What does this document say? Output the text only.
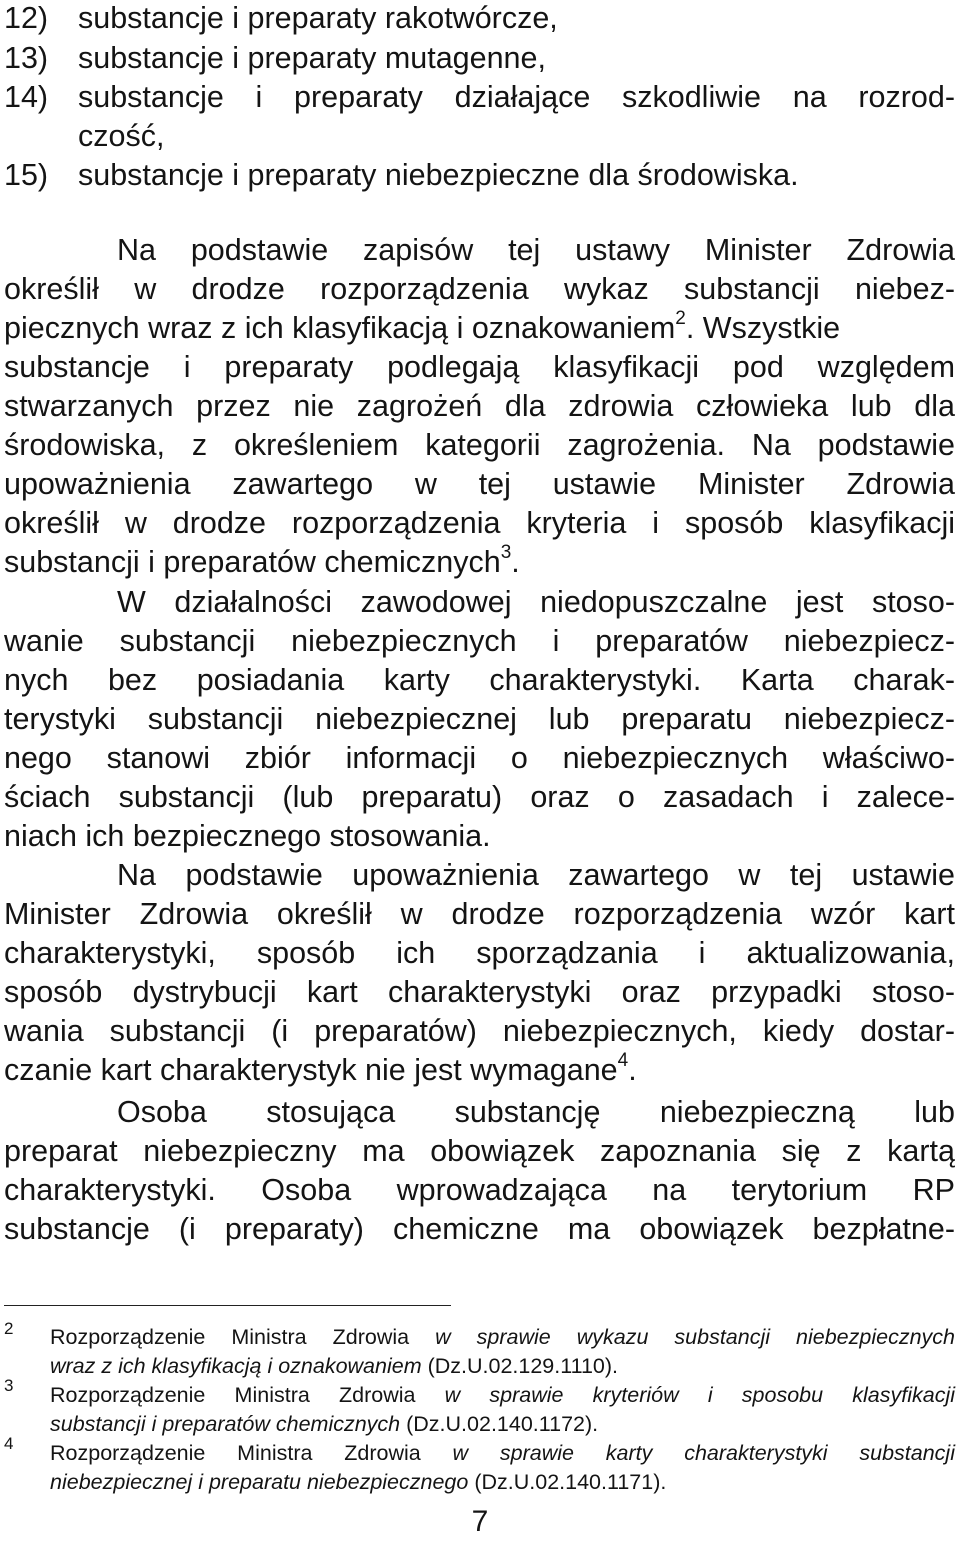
12) substancje i preparaty rakotwórcze,
13) substancje i preparaty mutagenne,
14) substancje i preparaty działające szkodliwie na rozrod-
czość,
15) substancje i preparaty niebezpieczne dla środowiska.
Na podstawie zapisów tej ustawy Minister Zdrowia
określił w drodze rozporządzenia wykaz substancji niebez-
piecznych wraz z ich klasyfikacją i oznakowaniem$^2$. Wszystkie
substancje i preparaty podlegają klasyfikacji pod względem
stwarzanych przez nie zagrożeń dla zdrowia człowieka lub dla
środowiska, z określeniem kategorii zagrożenia. Na podstawie
upoważnienia zawartego w tej ustawie Minister Zdrowia
określił w drodze rozporządzenia kryteria i sposób klasyfikacji
substancji i preparatów chemicznych$^3$.
W działalności zawodowej niedopuszczalne jest stoso-
wanie substancji niebezpiecznych i preparatów niebezpiecz-
nych bez posiadania karty charakterystyki. Karta charak-
terystyki substancji niebezpiecznej lub preparatu niebezpiecz-
nego stanowi zbiór informacji o niebezpiecznych właściwo-
ściach substancji (lub preparatu) oraz o zasadach i zalece-
niach ich bezpiecznego stosowania.
Na podstawie upoważnienia zawartego w tej ustawie
Minister Zdrowia określił w drodze rozporządzenia wzór kart
charakterystyki, sposób ich sporządzania i aktualizowania,
sposób dystrybucji kart charakterystyki oraz przypadki stoso-
wania substancji (i preparatów) niebezpiecznych, kiedy dostar-
czanie kart charakterystyk nie jest wymagane$^4$.
Osoba stosująca substancję niebezpieczną lub
preparat niebezpieczny ma obowiązek zapoznania się z kartą
charakterystyki. Osoba wprowadzająca na terytorium RP
substancje (i preparaty) chemiczne ma obowiązek bezpłatne-
2 Rozporządzenie Ministra Zdrowia w sprawie wykazu substancji niebezpiecznych
wraz z ich klasyfikacją i oznakowaniem (Dz.U.02.129.1110).
3 Rozporządzenie Ministra Zdrowia w sprawie kryteriów i sposobu klasyfikacji
substancji i preparatów chemicznych (Dz.U.02.140.1172).
4 Rozporządzenie Ministra Zdrowia w sprawie karty charakterystyki substancji
niebezpiecznej i preparatu niebezpiecznego (Dz.U.02.140.1171).
7
